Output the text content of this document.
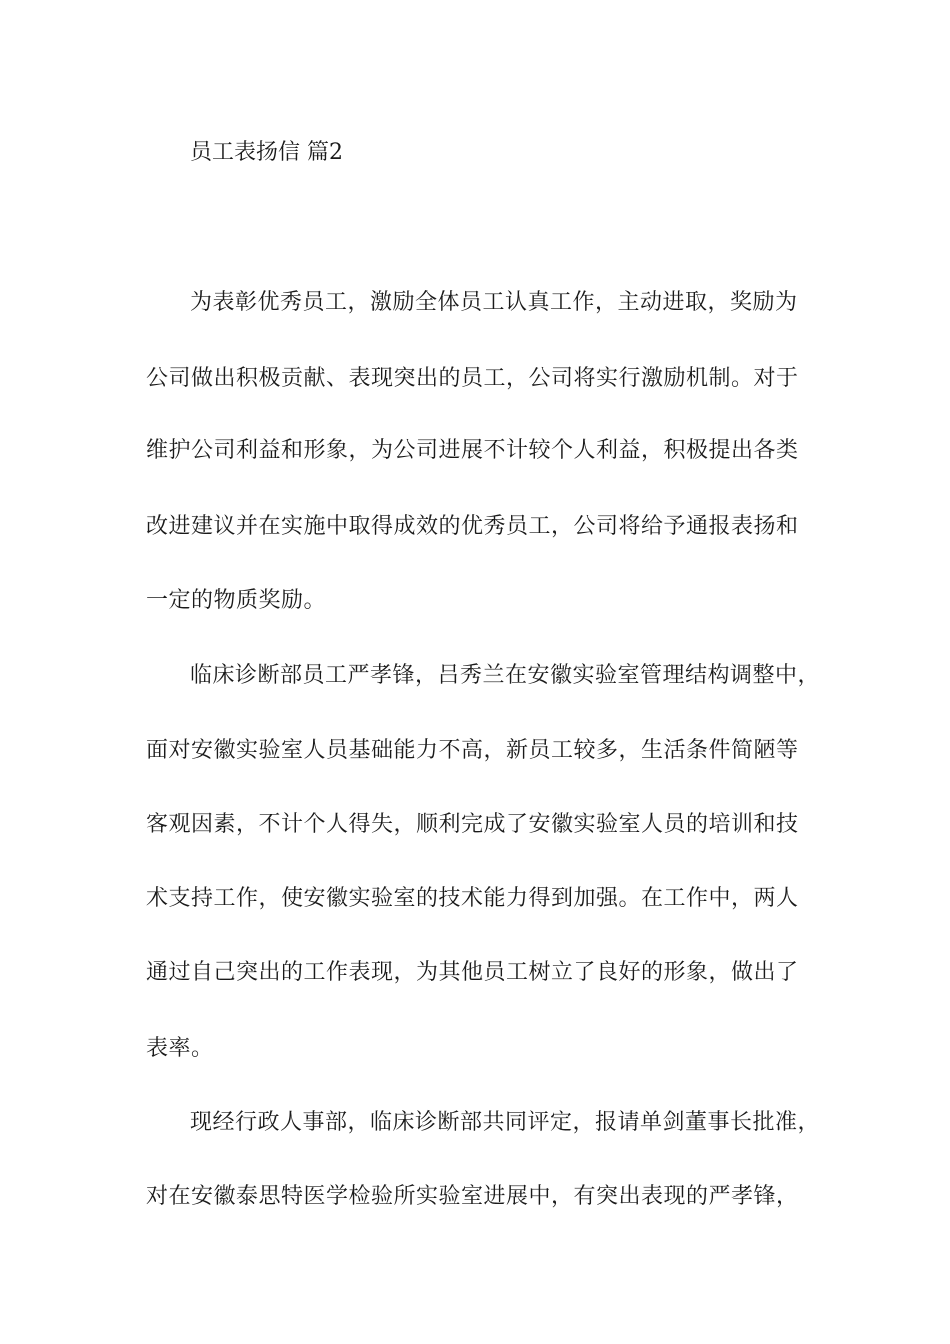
员工表扬信 篇2
为表彰优秀员工，激励全体员工认真工作，主动进取，奖励为
公司做出积极贡献、表现突出的员工，公司将实行激励机制。对于
维护公司利益和形象，为公司进展不计较个人利益，积极提出各类
改进建议并在实施中取得成效的优秀员工，公司将给予通报表扬和
一定的物质奖励。
临床诊断部员工严孝锋，吕秀兰在安徽实验室管理结构调整中，
面对安徽实验室人员基础能力不高，新员工较多，生活条件简陋等
客观因素，不计个人得失，顺利完成了安徽实验室人员的培训和技
术支持工作，使安徽实验室的技术能力得到加强。在工作中，两人
通过自己突出的工作表现，为其他员工树立了良好的形象，做出了
表率。
现经行政人事部，临床诊断部共同评定，报请单剑董事长批准，
对在安徽泰思特医学检验所实验室进展中，有突出表现的严孝锋，
